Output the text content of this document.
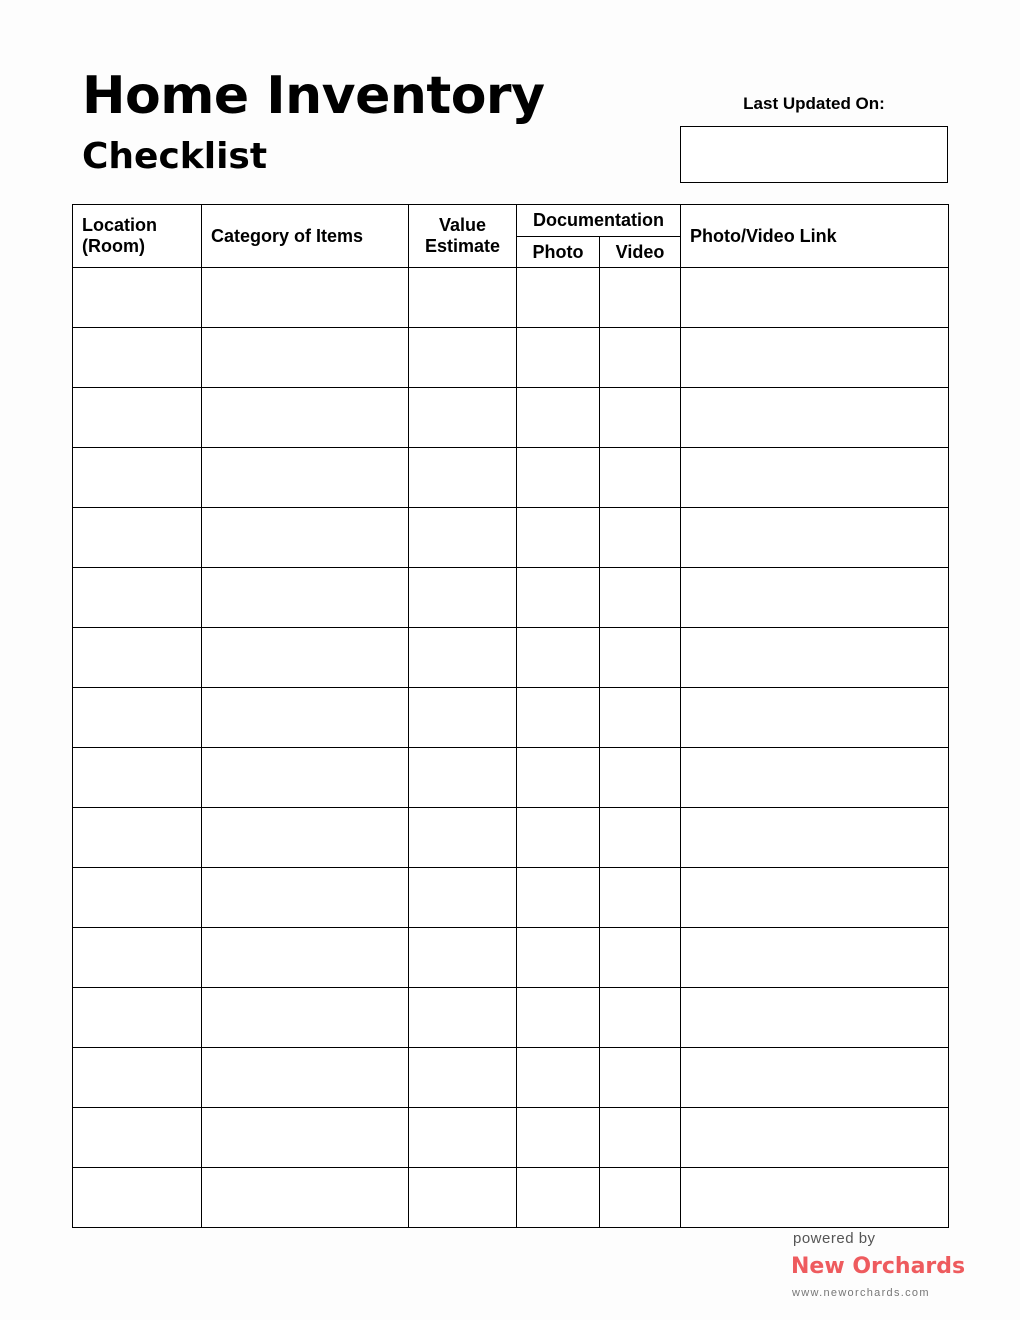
Home Inventory
Checklist
Last Updated On:
Location (Room)	Category of Items	Value Estimate	Documentation		Photo/Video Link
			Photo	Video	

powered by
New Orchards
www.neworchards.com
